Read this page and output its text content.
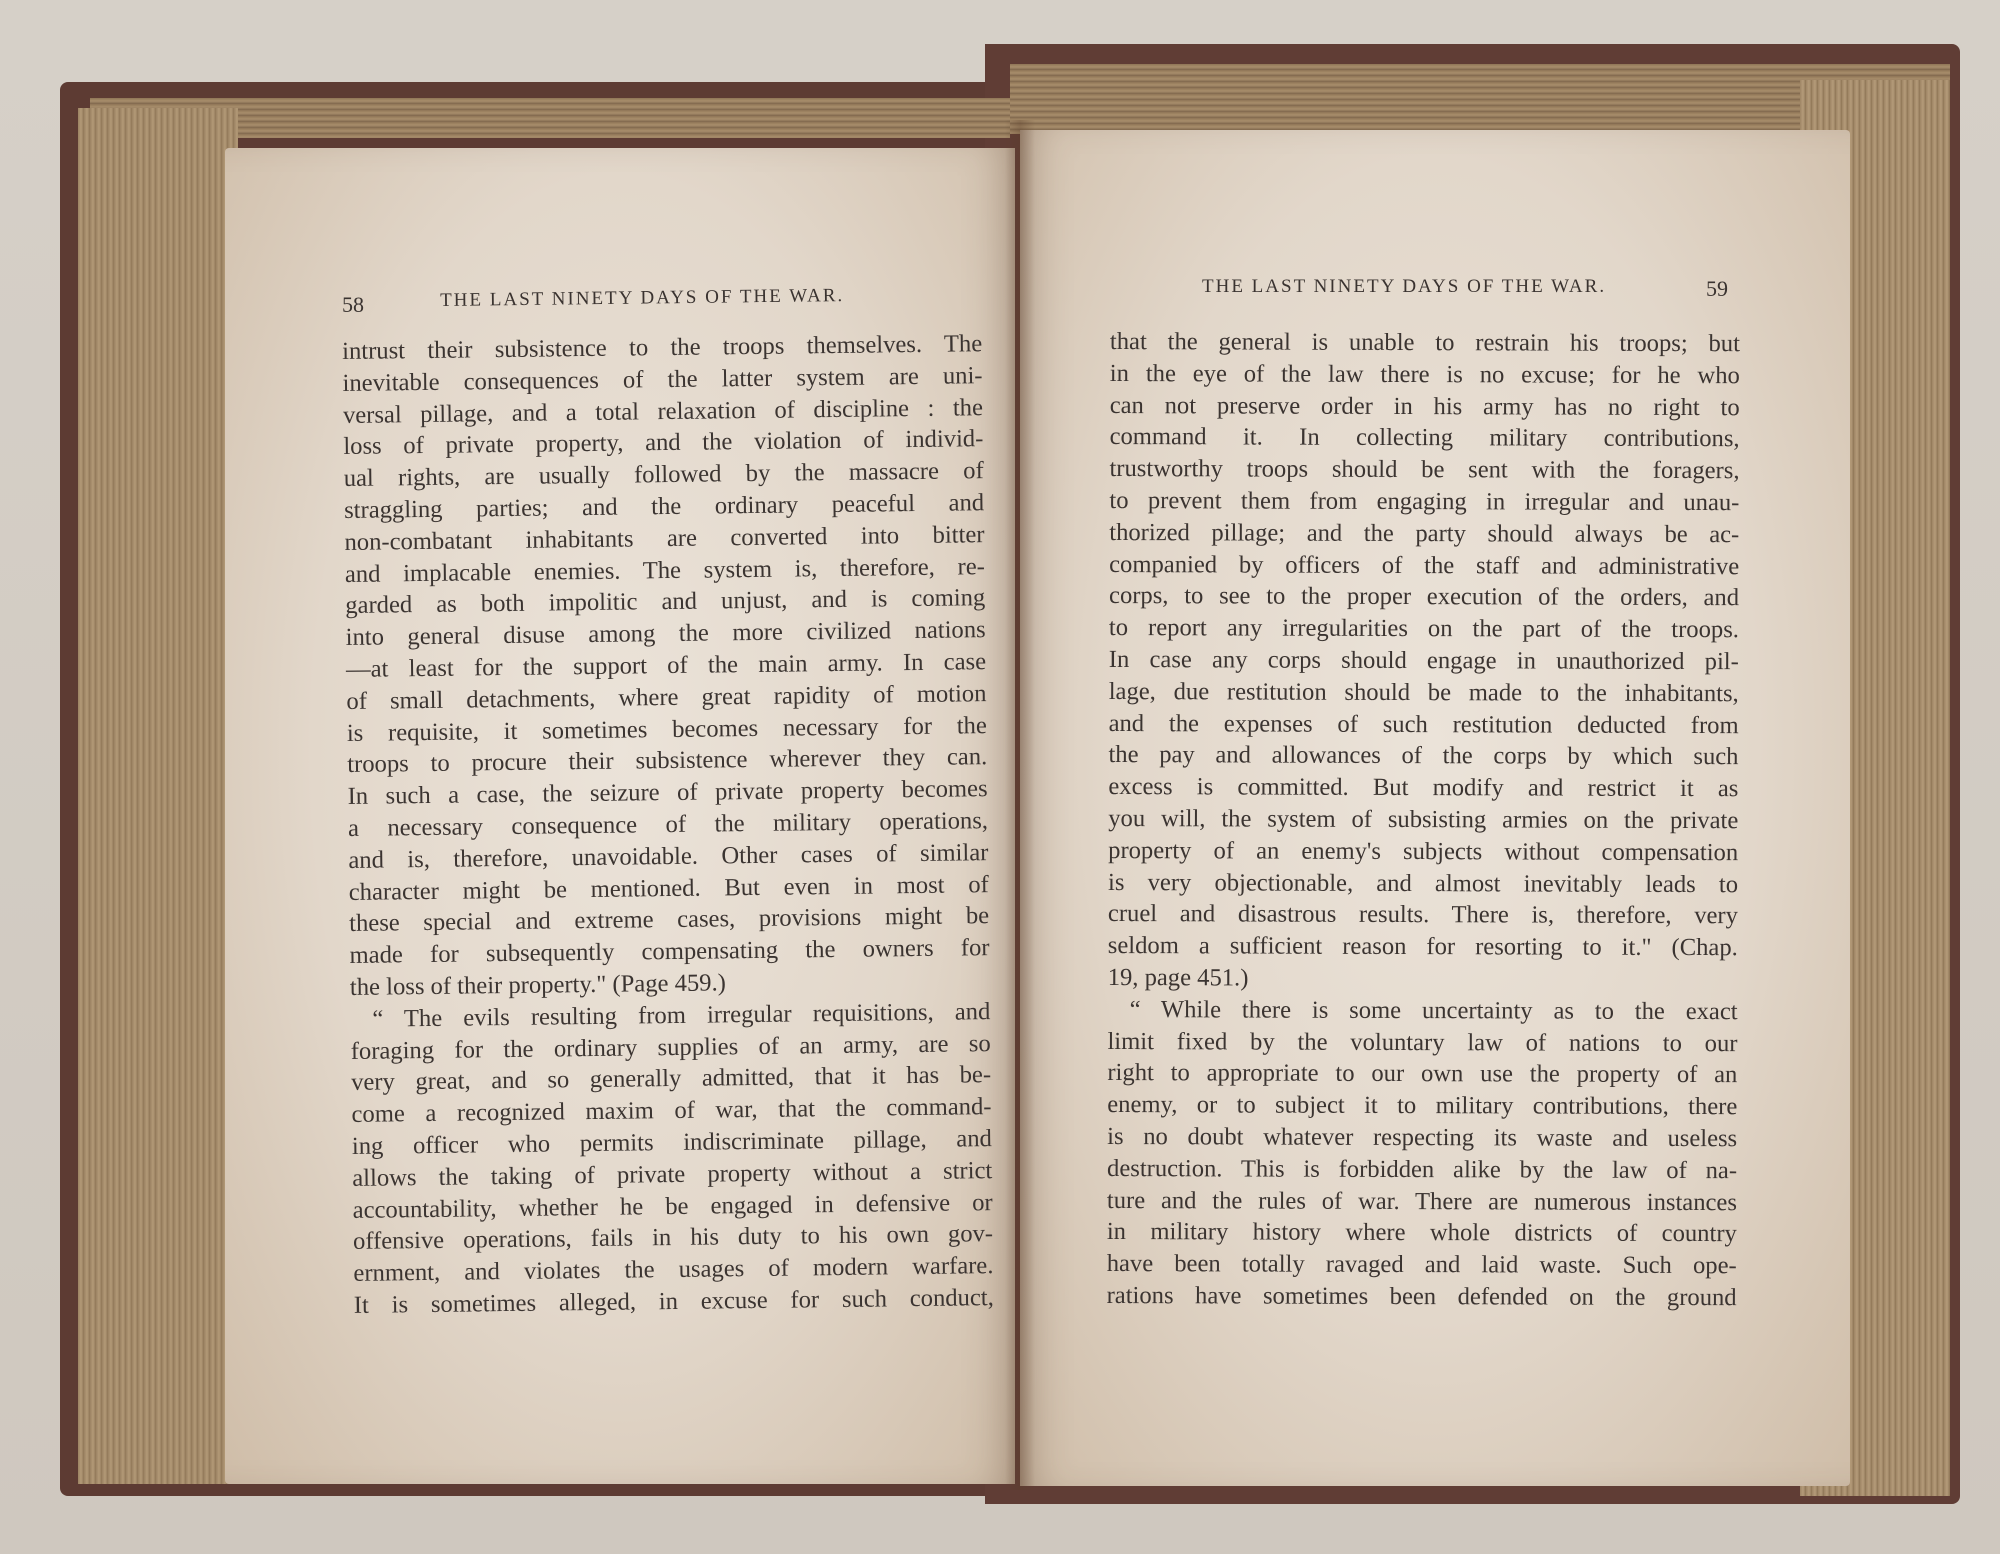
58	THE LAST NINETY DAYS OF THE WAR.	THE LAST NINETY DAYS OF THE WAR.	59
intrust their subsistence to the troops themselves. The
inevitable consequences of the latter system are uni-
versal pillage, and a total relaxation of discipline : the
loss of private property, and the violation of individ-
ual rights, are usually followed by the massacre of
straggling parties; and the ordinary peaceful and
non-combatant inhabitants are converted into bitter
and implacable enemies. The system is, therefore, re-
garded as both impolitic and unjust, and is coming
into general disuse among the more civilized nations
—at least for the support of the main army. In case
of small detachments, where great rapidity of motion
is requisite, it sometimes becomes necessary for the
troops to procure their subsistence wherever they can.
In such a case, the seizure of private property becomes
a necessary consequence of the military operations,
and is, therefore, unavoidable. Other cases of similar
character might be mentioned. But even in most of
these special and extreme cases, provisions might be
made for subsequently compensating the owners for
the loss of their property." (Page 459.)
“ The evils resulting from irregular requisitions, and
foraging for the ordinary supplies of an army, are so
very great, and so generally admitted, that it has be-
come a recognized maxim of war, that the command-
ing officer who permits indiscriminate pillage, and
allows the taking of private property without a strict
accountability, whether he be engaged in defensive or
offensive operations, fails in his duty to his own gov-
ernment, and violates the usages of modern warfare.
It is sometimes alleged, in excuse for such conduct,
that the general is unable to restrain his troops; but
in the eye of the law there is no excuse; for he who
can not preserve order in his army has no right to
command it. In collecting military contributions,
trustworthy troops should be sent with the foragers,
to prevent them from engaging in irregular and unau-
thorized pillage; and the party should always be ac-
companied by officers of the staff and administrative
corps, to see to the proper execution of the orders, and
to report any irregularities on the part of the troops.
In case any corps should engage in unauthorized pil-
lage, due restitution should be made to the inhabitants,
and the expenses of such restitution deducted from
the pay and allowances of the corps by which such
excess is committed. But modify and restrict it as
you will, the system of subsisting armies on the private
property of an enemy's subjects without compensation
is very objectionable, and almost inevitably leads to
cruel and disastrous results. There is, therefore, very
seldom a sufficient reason for resorting to it." (Chap.
19, page 451.)
“ While there is some uncertainty as to the exact
limit fixed by the voluntary law of nations to our
right to appropriate to our own use the property of an
enemy, or to subject it to military contributions, there
is no doubt whatever respecting its waste and useless
destruction. This is forbidden alike by the law of na-
ture and the rules of war. There are numerous instances
in military history where whole districts of country
have been totally ravaged and laid waste. Such ope-
rations have sometimes been defended on the ground
